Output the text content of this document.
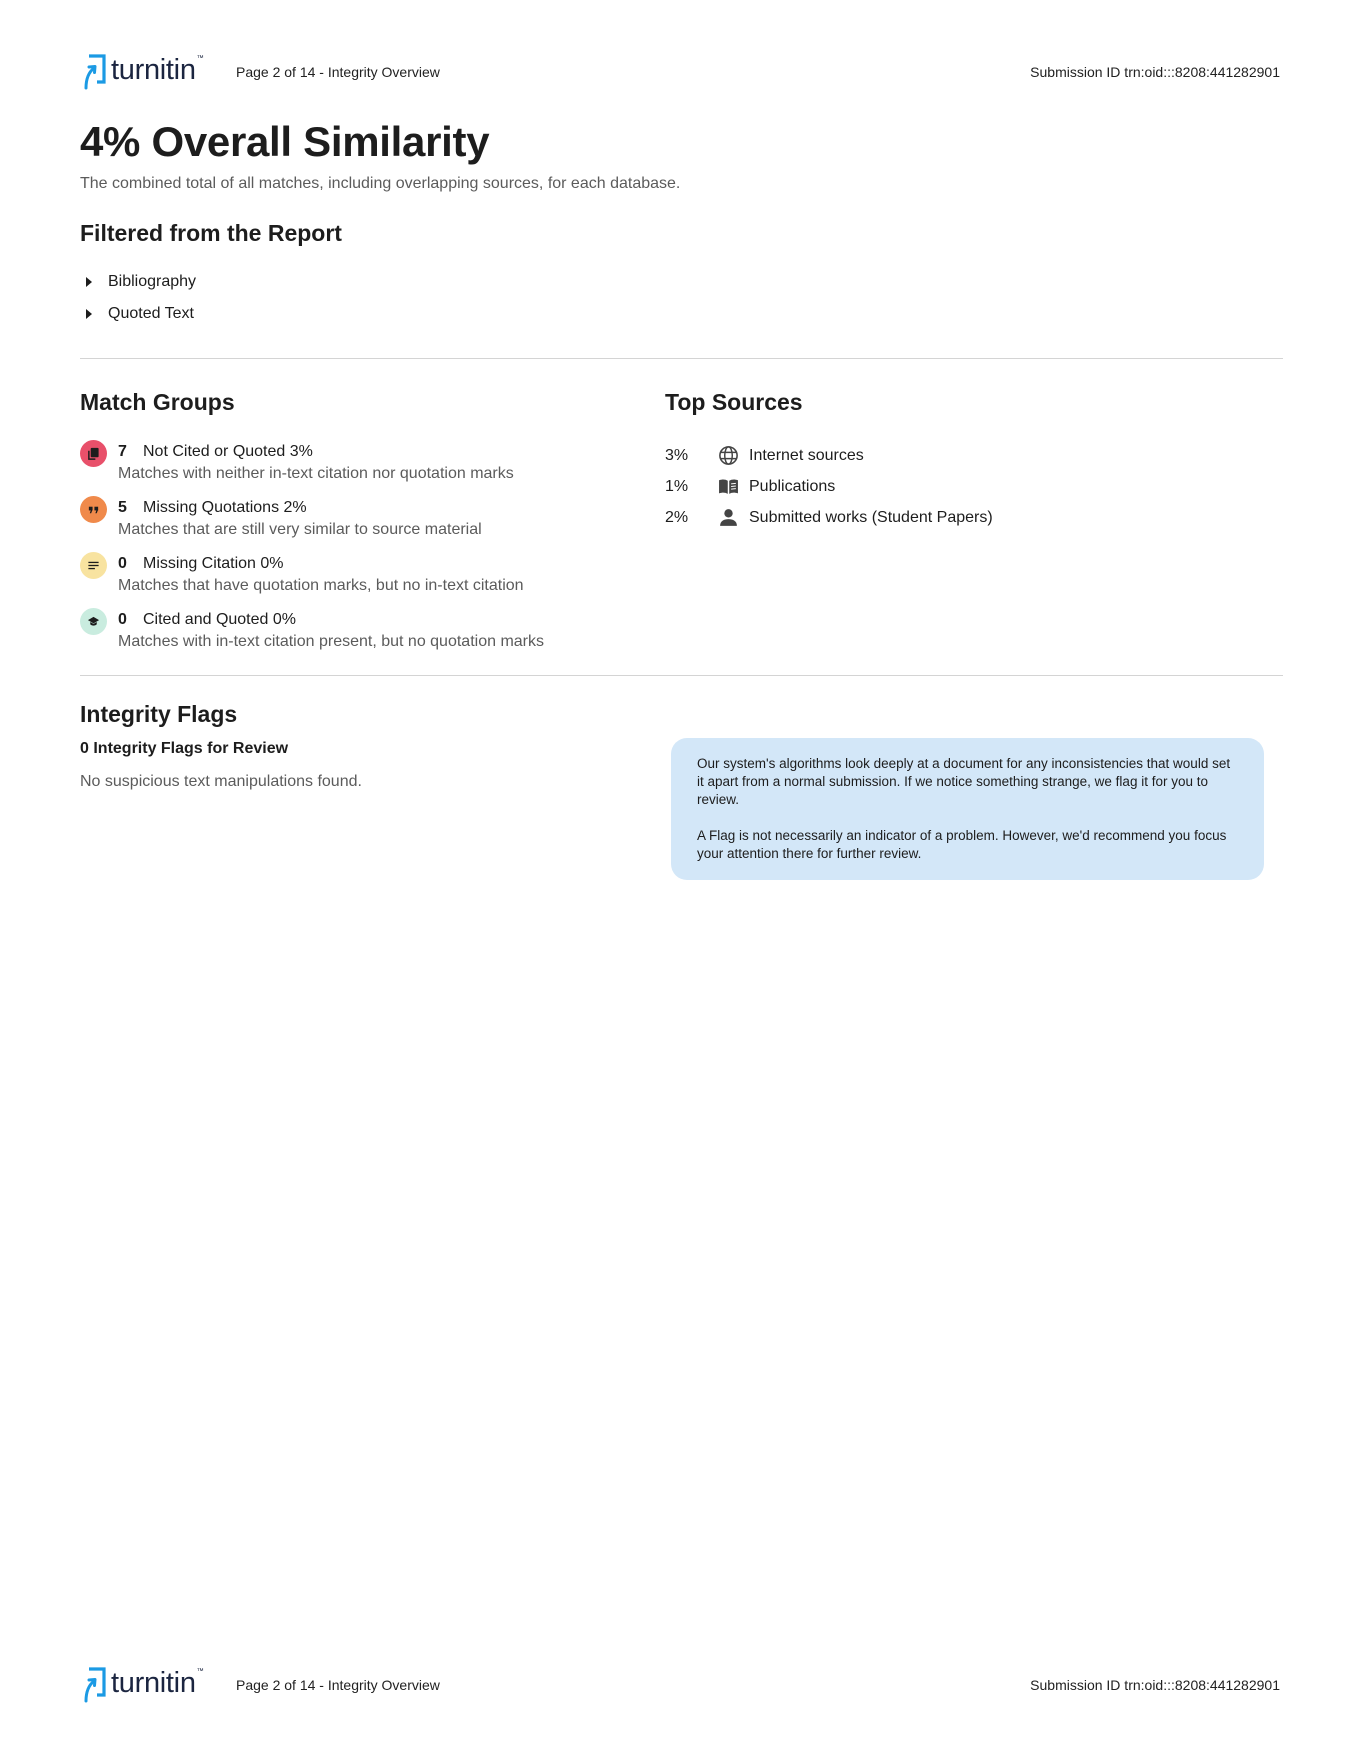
turnitin ™
Page 2 of 14 - Integrity Overview	Submission ID trn:oid:::8208:441282901
4% Overall Similarity
The combined total of all matches, including overlapping sources, for each database.
Filtered from the Report
Bibliography
Quoted Text
Match Groups
7 Not Cited or Quoted 3%
Matches with neither in-text citation nor quotation marks
5 Missing Quotations 2%
Matches that are still very similar to source material
0 Missing Citation 0%
Matches that have quotation marks, but no in-text citation
0 Cited and Quoted 0%
Matches with in-text citation present, but no quotation marks
Top Sources
3%	Internet sources
1%	Publications
2%	Submitted works (Student Papers)
Integrity Flags
0 Integrity Flags for Review
No suspicious text manipulations found.

Our system's algorithms look deeply at a document for any inconsistencies that would set it apart from a normal submission. If we notice something strange, we flag it for you to review.

A Flag is not necessarily an indicator of a problem. However, we'd recommend you focus your attention there for further review.

turnitin ™
Page 2 of 14 - Integrity Overview	Submission ID trn:oid:::8208:441282901
